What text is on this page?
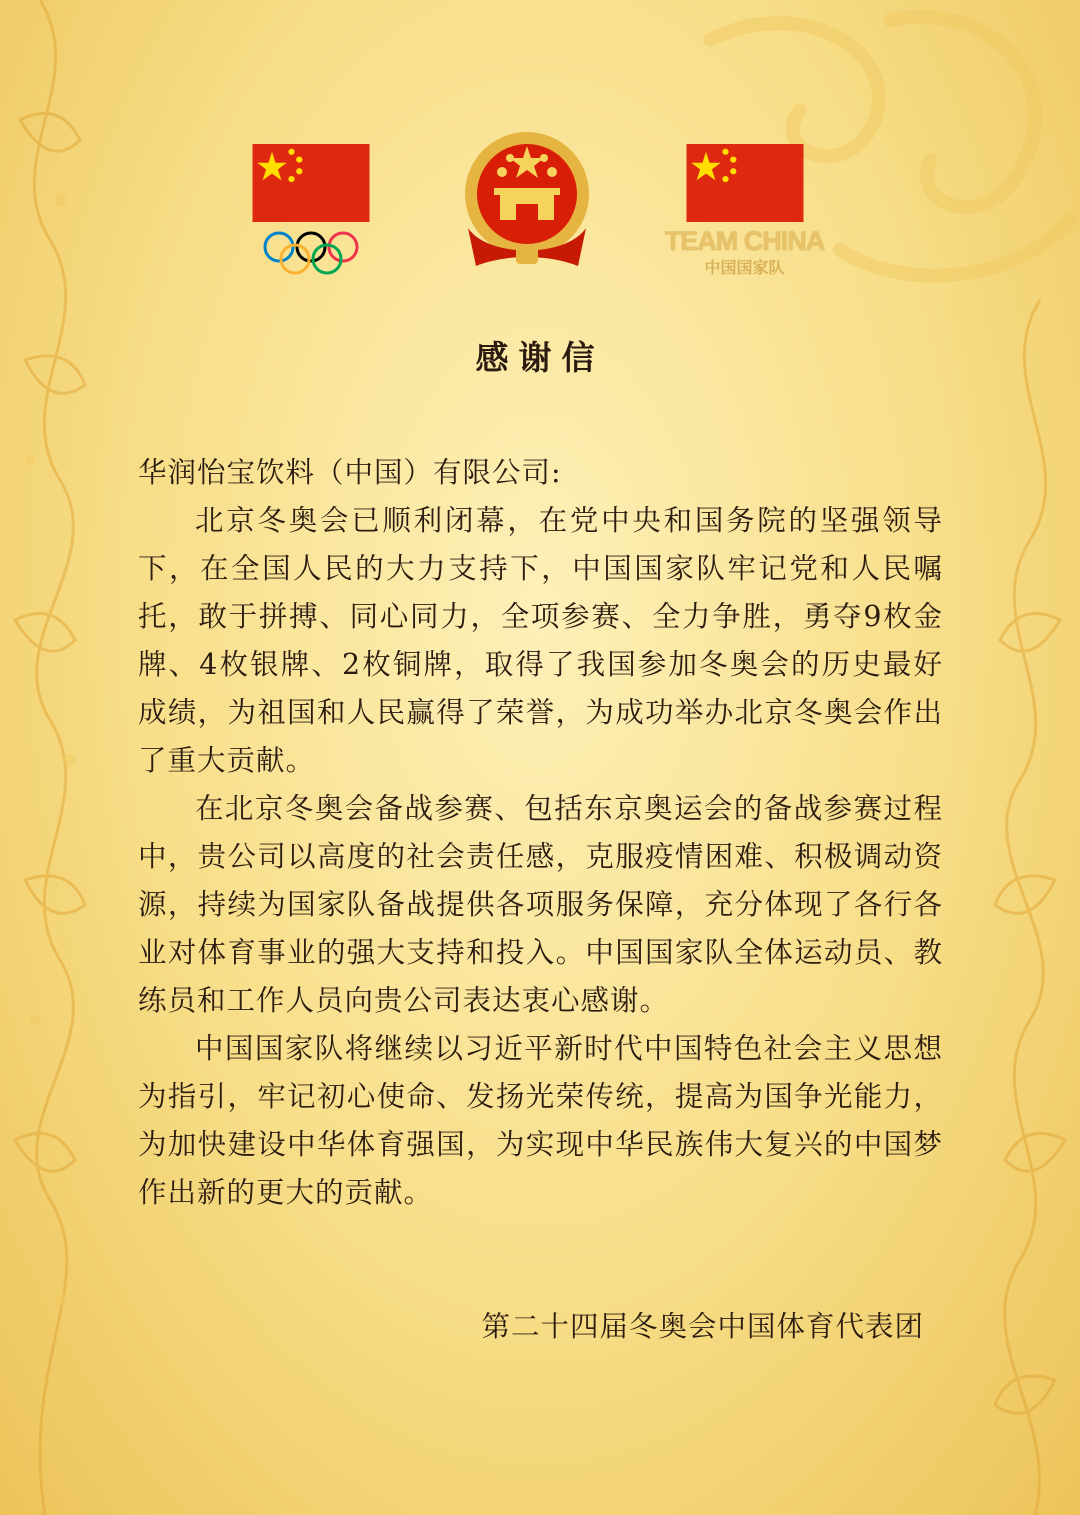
TEAM CHINA
中国国家队
感谢信

华润怡宝饮料（中国）有限公司:

北京冬奥会已顺利闭幕，在党中央和国务院的坚强领导下，在全国人民的大力支持下，中国国家队牢记党和人民嘱托，敢于拼搏、同心同力，全项参赛、全力争胜，勇夺9枚金牌、4枚银牌、2枚铜牌，取得了我国参加冬奥会的历史最好成绩，为祖国和人民赢得了荣誉，为成功举办北京冬奥会作出了重大贡献。

在北京冬奥会备战参赛、包括东京奥运会的备战参赛过程中，贵公司以高度的社会责任感，克服疫情困难、积极调动资源，持续为国家队备战提供各项服务保障，充分体现了各行各业对体育事业的强大支持和投入。中国国家队全体运动员、教练员和工作人员向贵公司表达衷心感谢。

中国国家队将继续以习近平新时代中国特色社会主义思想为指引，牢记初心使命、发扬光荣传统，提高为国争光能力，为加快建设中华体育强国，为实现中华民族伟大复兴的中国梦作出新的更大的贡献。

第二十四届冬奥会中国体育代表团
